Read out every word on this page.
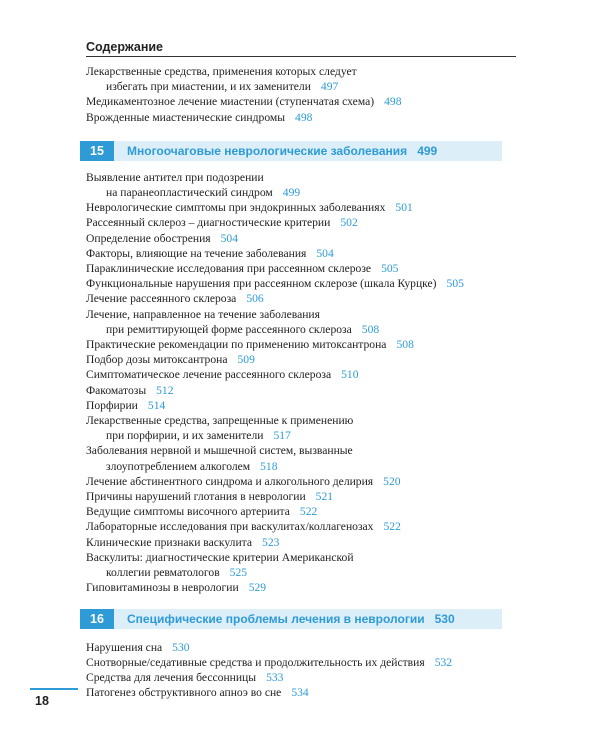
Содержание
Лекарственные средства, применения которых следует
избегать при миастении, и их заменители 497
Медикаментозное лечение миастении (ступенчатая схема) 498
Врожденные миастенические синдромы 498
15	Многоочаговые неврологические заболевания 499
Выявление антител при подозрении
на паранеопластический синдром 499
Неврологические симптомы при эндокринных заболеваниях 501
Рассеянный склероз – диагностические критерии 502
Определение обострения 504
Факторы, влияющие на течение заболевания 504
Параклинические исследования при рассеянном склерозе 505
Функциональные нарушения при рассеянном склерозе (шкала Курцке) 505
Лечение рассеянного склероза 506
Лечение, направленное на течение заболевания
при ремиттирующей форме рассеянного склероза 508
Практические рекомендации по применению митоксантрона 508
Подбор дозы митоксантрона 509
Симптоматическое лечение рассеянного склероза 510
Факоматозы 512
Порфирии 514
Лекарственные средства, запрещенные к применению
при порфирии, и их заменители 517
Заболевания нервной и мышечной систем, вызванные
злоупотреблением алкоголем 518
Лечение абстинентного синдрома и алкогольного делирия 520
Причины нарушений глотания в неврологии 521
Ведущие симптомы височного артериита 522
Лабораторные исследования при васкулитах/коллагенозах 522
Клинические признаки васкулита 523
Васкулиты: диагностические критерии Американской
коллегии ревматологов 525
Гиповитаминозы в неврологии 529
16	Специфические проблемы лечения в неврологии 530
Нарушения сна 530
Снотворные/седативные средства и продолжительность их действия 532
Средства для лечения бессонницы 533
Патогенез обструктивного апноэ во сне 534
18
